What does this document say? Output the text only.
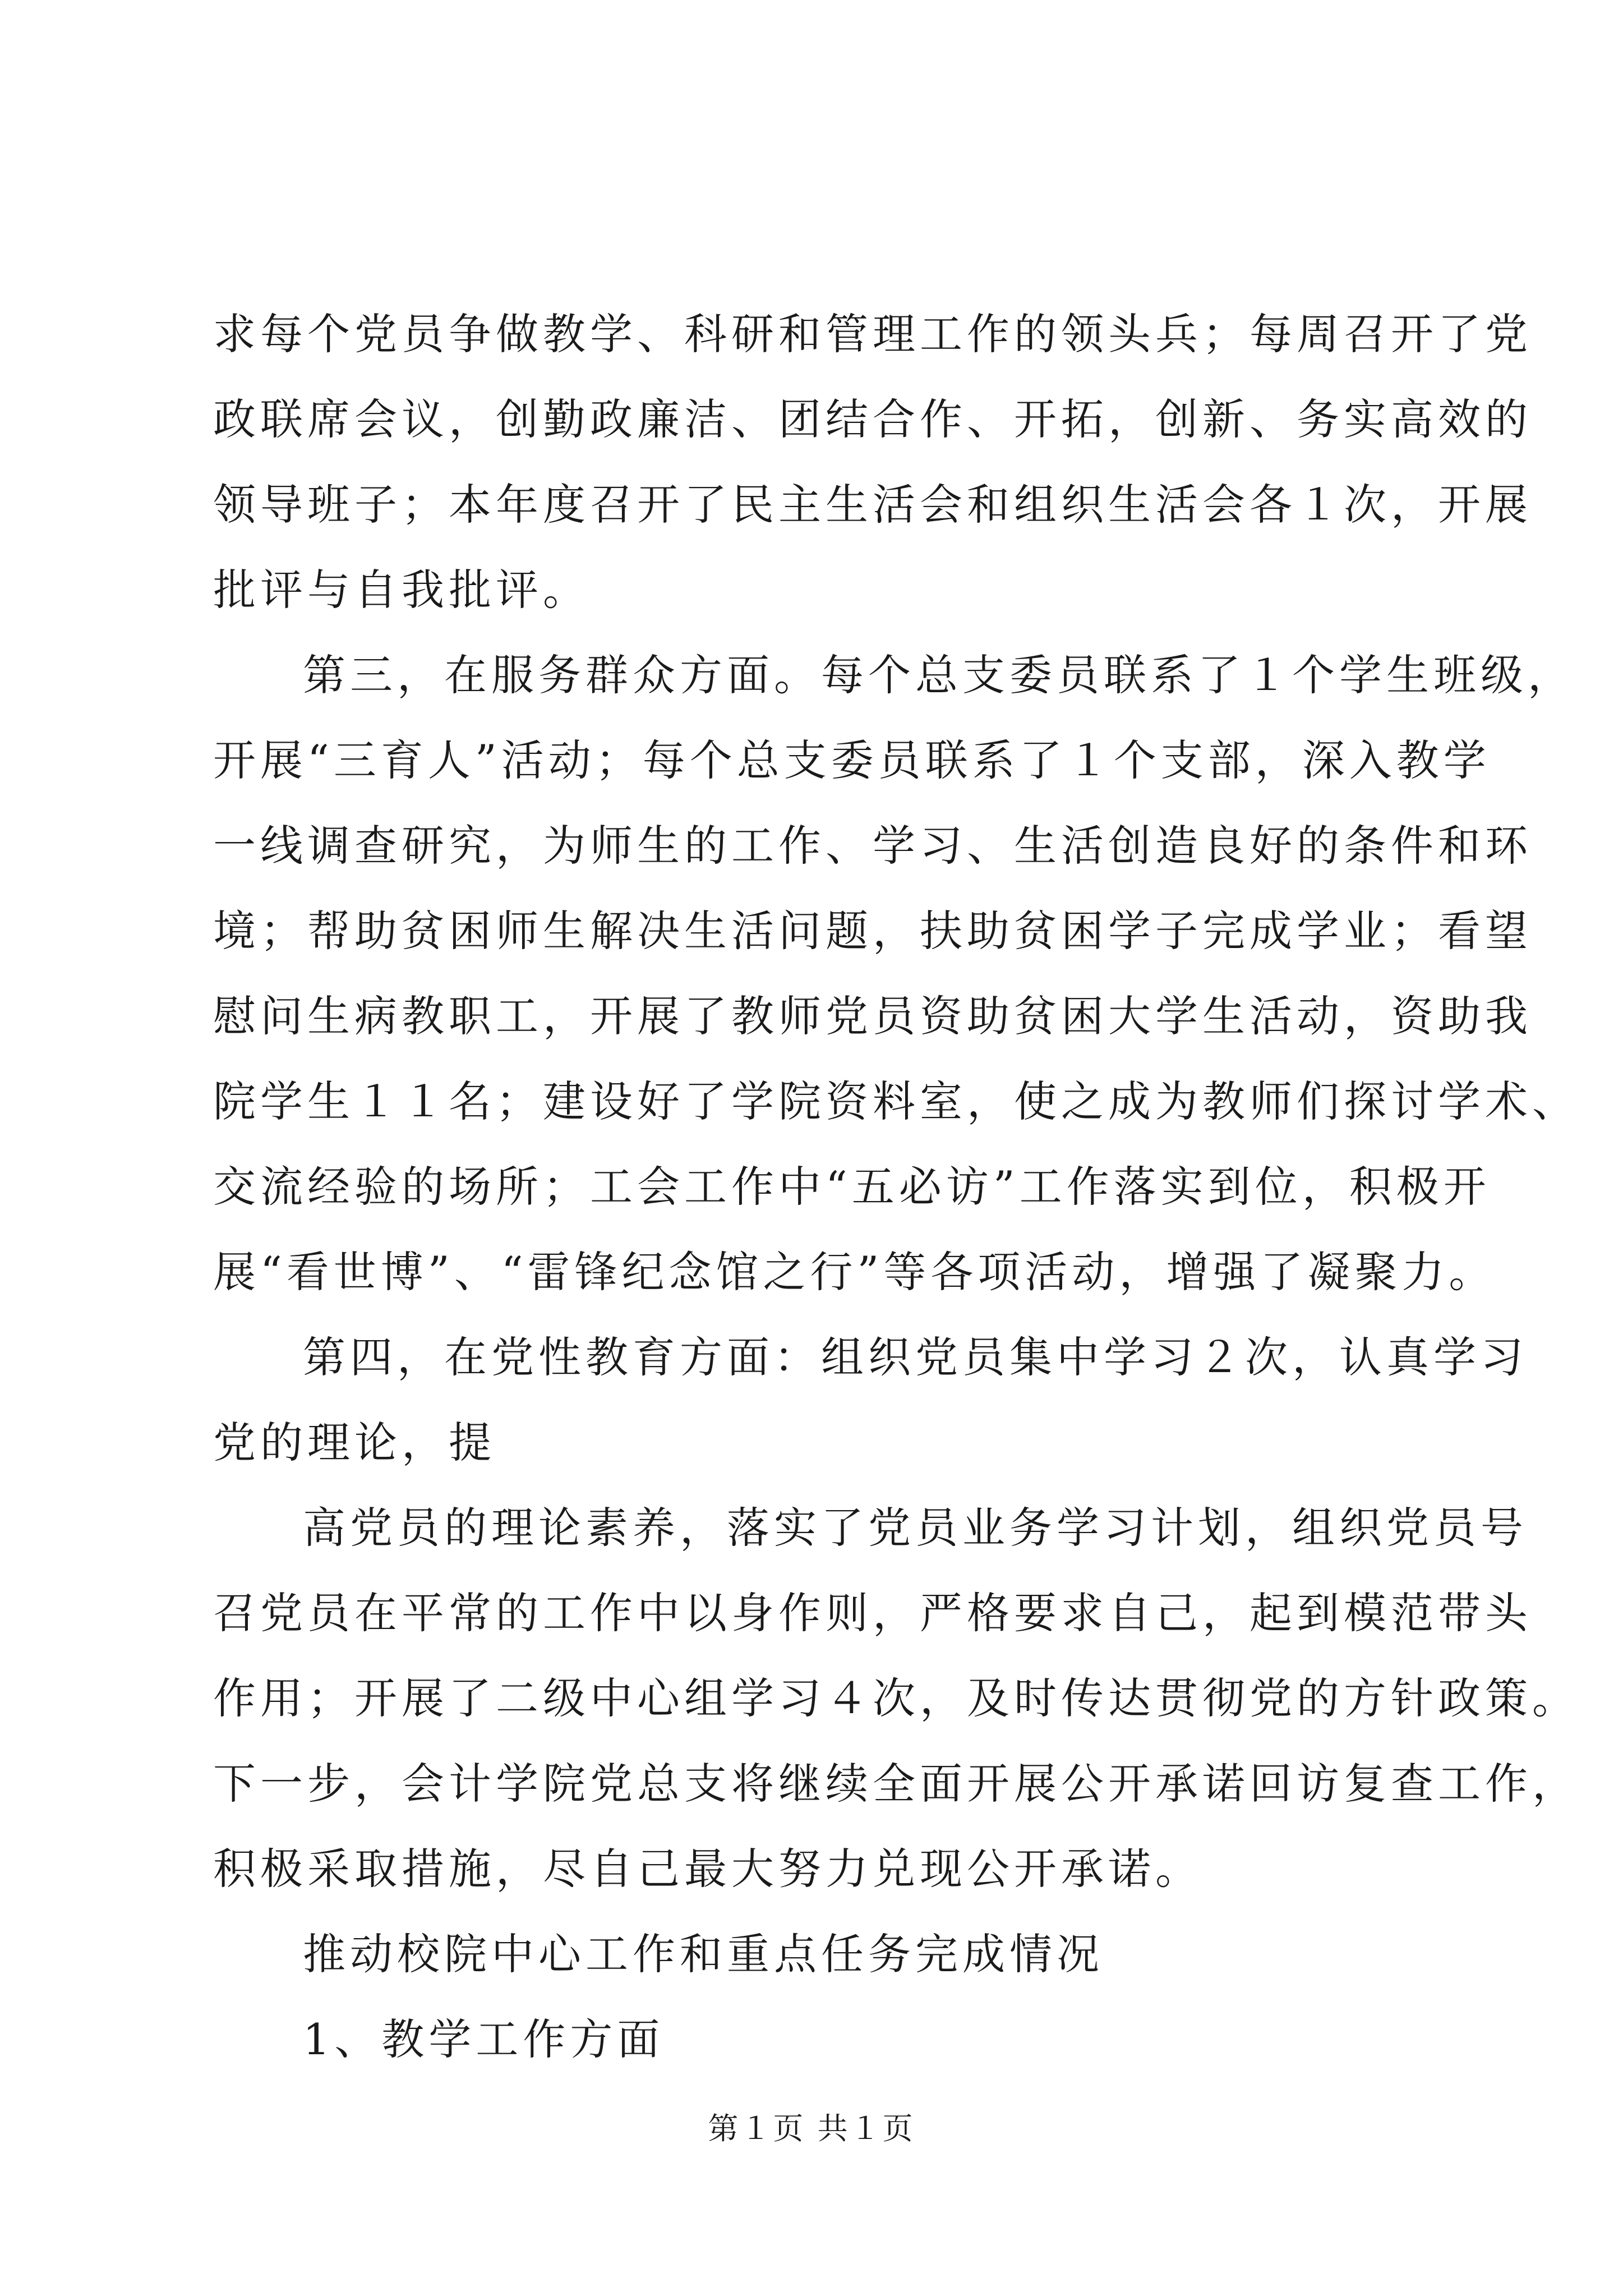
求每个党员争做教学、科研和管理工作的领头兵；每周召开了党
政联席会议，创勤政廉洁、团结合作、开拓，创新、务实高效的
领导班子；本年度召开了民主生活会和组织生活会各１次，开展
批评与自我批评。
第三，在服务群众方面。每个总支委员联系了１个学生班级，
开展“三育人”活动；每个总支委员联系了１个支部，深入教学
一线调查研究，为师生的工作、学习、生活创造良好的条件和环
境；帮助贫困师生解决生活问题，扶助贫困学子完成学业；看望
慰问生病教职工，开展了教师党员资助贫困大学生活动，资助我
院学生１１名；建设好了学院资料室，使之成为教师们探讨学术、
交流经验的场所；工会工作中“五必访”工作落实到位，积极开
展“看世博”、“雷锋纪念馆之行”等各项活动，增强了凝聚力。
第四，在党性教育方面：组织党员集中学习２次，认真学习
党的理论，提
高党员的理论素养，落实了党员业务学习计划，组织党员号
召党员在平常的工作中以身作则，严格要求自己，起到模范带头
作用；开展了二级中心组学习４次，及时传达贯彻党的方针政策。
下一步，会计学院党总支将继续全面开展公开承诺回访复查工作，
积极采取措施，尽自己最大努力兑现公开承诺。
推动校院中心工作和重点任务完成情况
1、教学工作方面
第１页 共１页
